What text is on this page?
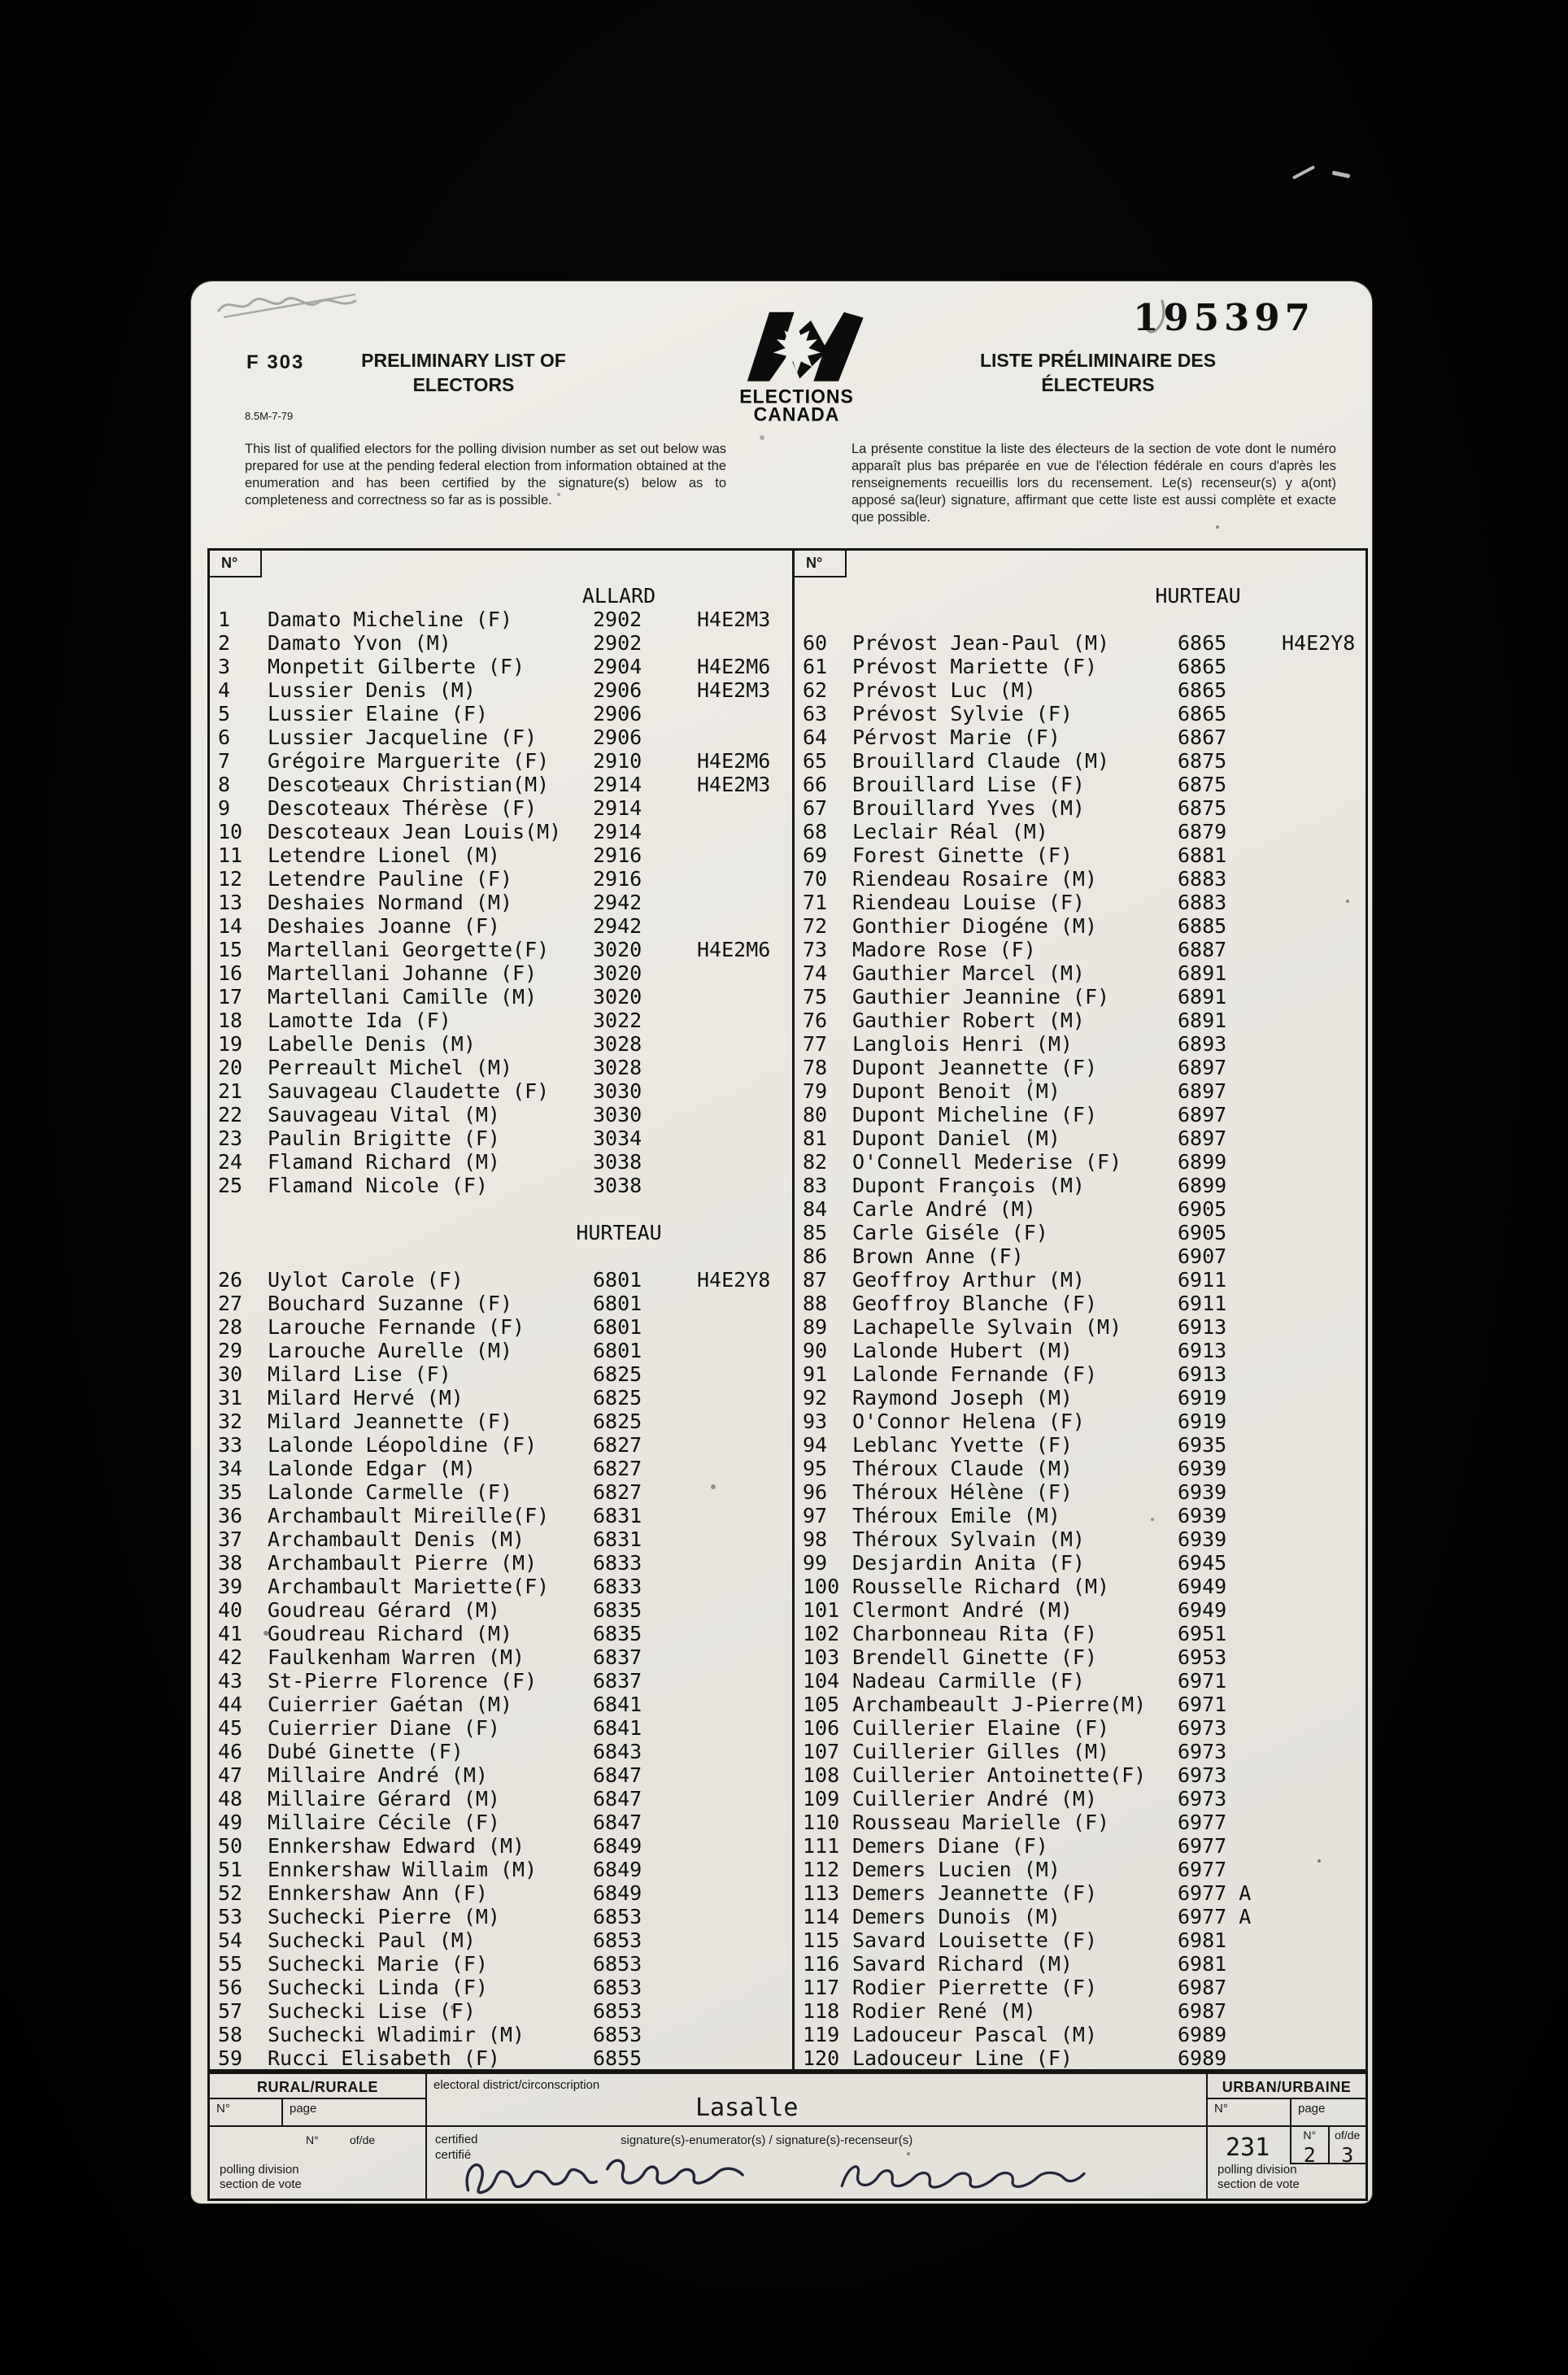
195397
F 303
8.5M-7-79
PRELIMINARY LIST OF
ELECTORS
ELECTIONS
CANADA
LISTE PRÉLIMINAIRE DES
ÉLECTEURS
This list of qualified electors for the polling division number as set out below was prepared for use at the pending federal election from information obtained at the enumeration and has been certified by the signature(s) below as to completeness and correctness so far as is possible.
La présente constitue la liste des électeurs de la section de vote dont le numéro apparaît plus bas préparée en vue de l'élection fédérale en cours d'après les renseignements recueillis lors du recensement. Le(s) recenseur(s) y a(ont) apposé sa(leur) signature, affirmant que cette liste est aussi complète et exacte que possible.
N°
ALLARD
1	Damato Micheline (F)	2902	H4E2M3
2	Damato Yvon (M)	2902
3	Monpetit Gilberte (F)	2904	H4E2M6
4	Lussier Denis (M)	2906	H4E2M3
5	Lussier Elaine (F)	2906
6	Lussier Jacqueline (F)	2906
7	Grégoire Marguerite (F)	2910	H4E2M6
8	Descoteaux Christian(M)	2914	H4E2M3
9	Descoteaux Thérèse (F)	2914
10	Descoteaux Jean Louis(M)	2914
11	Letendre Lionel (M)	2916
12	Letendre Pauline (F)	2916
13	Deshaies Normand (M)	2942
14	Deshaies Joanne (F)	2942
15	Martellani Georgette(F)	3020	H4E2M6
16	Martellani Johanne (F)	3020
17	Martellani Camille (M)	3020
18	Lamotte Ida (F)	3022
19	Labelle Denis (M)	3028
20	Perreault Michel (M)	3028
21	Sauvageau Claudette (F)	3030
22	Sauvageau Vital (M)	3030
23	Paulin Brigitte (F)	3034
24	Flamand Richard (M)	3038
25	Flamand Nicole (F)	3038
HURTEAU
26	Uylot Carole (F)	6801	H4E2Y8
27	Bouchard Suzanne (F)	6801
28	Larouche Fernande (F)	6801
29	Larouche Aurelle (M)	6801
30	Milard Lise (F)	6825
31	Milard Hervé (M)	6825
32	Milard Jeannette (F)	6825
33	Lalonde Léopoldine (F)	6827
34	Lalonde Edgar (M)	6827
35	Lalonde Carmelle (F)	6827
36	Archambault Mireille(F)	6831
37	Archambault Denis (M)	6831
38	Archambault Pierre (M)	6833
39	Archambault Mariette(F)	6833
40	Goudreau Gérard (M)	6835
41	Goudreau Richard (M)	6835
42	Faulkenham Warren (M)	6837
43	St-Pierre Florence (F)	6837
44	Cuierrier Gaétan (M)	6841
45	Cuierrier Diane (F)	6841
46	Dubé Ginette (F)	6843
47	Millaire André (M)	6847
48	Millaire Gérard (M)	6847
49	Millaire Cécile (F)	6847
50	Ennkershaw Edward (M)	6849
51	Ennkershaw Willaim (M)	6849
52	Ennkershaw Ann (F)	6849
53	Suchecki Pierre (M)	6853
54	Suchecki Paul (M)	6853
55	Suchecki Marie (F)	6853
56	Suchecki Linda (F)	6853
57	Suchecki Lise (F)	6853
58	Suchecki Wladimir (M)	6853
59	Rucci Elisabeth (F)	6855
N°
HURTEAU
60	Prévost Jean-Paul (M)	6865	H4E2Y8
61	Prévost Mariette (F)	6865
62	Prévost Luc (M)	6865
63	Prévost Sylvie (F)	6865
64	Pérvost Marie (F)	6867
65	Brouillard Claude (M)	6875
66	Brouillard Lise (F)	6875
67	Brouillard Yves (M)	6875
68	Leclair Réal (M)	6879
69	Forest Ginette (F)	6881
70	Riendeau Rosaire (M)	6883
71	Riendeau Louise (F)	6883
72	Gonthier Diogéne (M)	6885
73	Madore Rose (F)	6887
74	Gauthier Marcel (M)	6891
75	Gauthier Jeannine (F)	6891
76	Gauthier Robert (M)	6891
77	Langlois Henri (M)	6893
78	Dupont Jeannette (F)	6897
79	Dupont Benoit (M)	6897
80	Dupont Micheline (F)	6897
81	Dupont Daniel (M)	6897
82	O'Connell Mederise (F)	6899
83	Dupont François (M)	6899
84	Carle André (M)	6905
85	Carle Giséle (F)	6905
86	Brown Anne (F)	6907
87	Geoffroy Arthur (M)	6911
88	Geoffroy Blanche (F)	6911
89	Lachapelle Sylvain (M)	6913
90	Lalonde Hubert (M)	6913
91	Lalonde Fernande (F)	6913
92	Raymond Joseph (M)	6919
93	O'Connor Helena (F)	6919
94	Leblanc Yvette (F)	6935
95	Théroux Claude (M)	6939
96	Théroux Hélène (F)	6939
97	Théroux Emile (M)	6939
98	Théroux Sylvain (M)	6939
99	Desjardin Anita (F)	6945
100 Rousselle Richard (M)	6949
101 Clermont André (M)	6949
102 Charbonneau Rita (F)	6951
103 Brendell Ginette (F)	6953
104 Nadeau Carmille (F)	6971
105 Archambeault J-Pierre(M)	6971
106 Cuillerier Elaine (F)	6973
107 Cuillerier Gilles (M)	6973
108 Cuillerier Antoinette(F)	6973
109 Cuillerier André (M)	6973
110 Rousseau Marielle (F)	6977
111 Demers Diane (F)	6977
112 Demers Lucien (M)	6977
113 Demers Jeannette (F)	6977 A
114 Demers Dunois (M)	6977 A
115 Savard Louisette (F)	6981
116 Savard Richard (M)	6981
117 Rodier Pierrette (F)	6987
118 Rodier René (M)	6987
119 Ladouceur Pascal (M)	6989
120 Ladouceur Line (F)	6989
RURAL/RURALE
N°	page
N°	of/de
polling division
section de vote
electoral district/circonscription
Lasalle
certified
certifié
signature(s)-enumerator(s) / signature(s)-recenseur(s)
URBAN/URBAINE
N°	page
231	N°
2
of/de
3
polling division
section de vote
